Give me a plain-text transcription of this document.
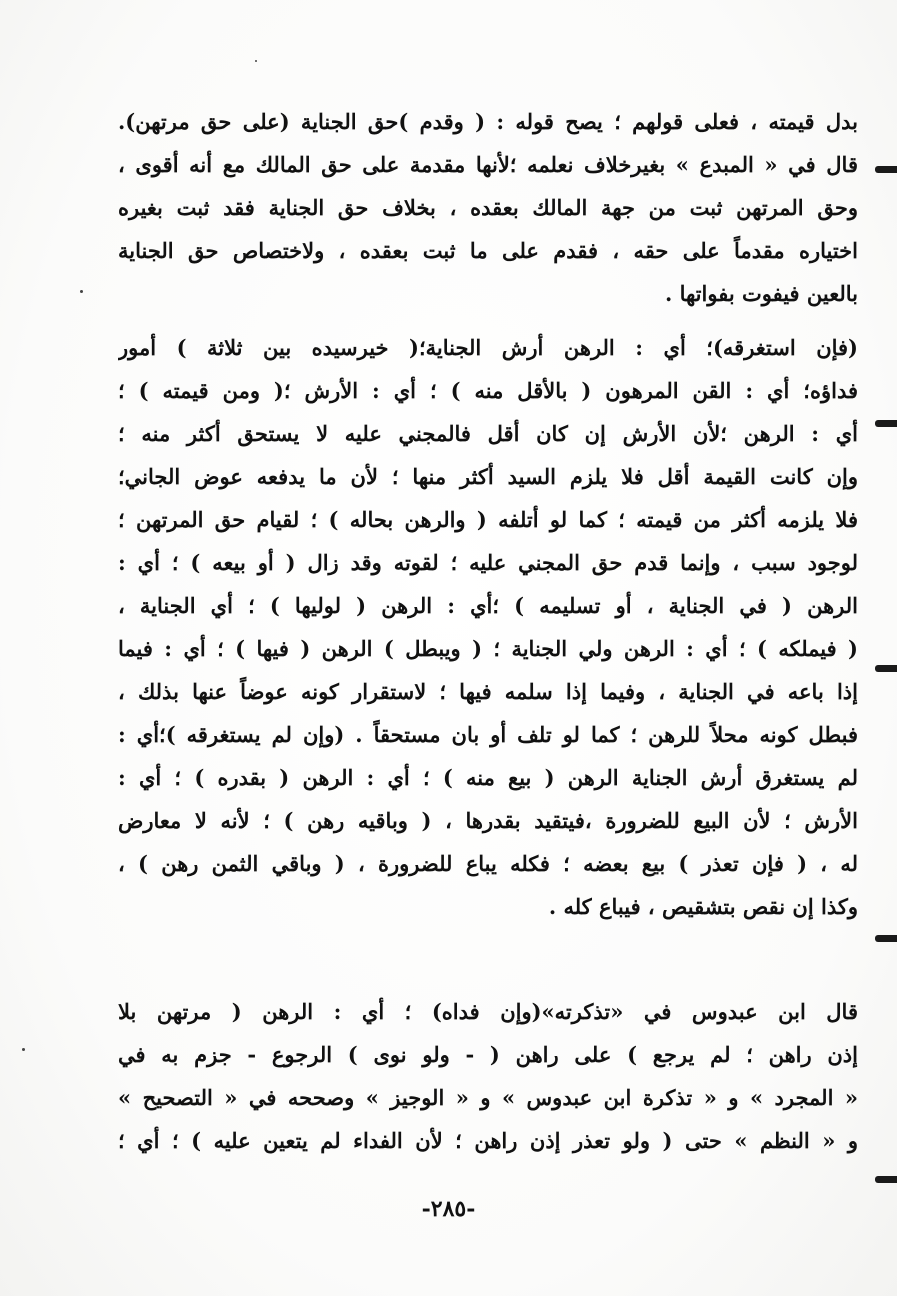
بدل قيمته ، فعلى قولهم ؛ يصح قوله : ( وقدم )حق الجناية (على حق مرتهن).
قال في « المبدع » بغيرخلاف نعلمه ؛لأنها مقدمة على حق المالك مع أنه أقوى ،
وحق المرتهن ثبت من جهة المالك بعقده ، بخلاف حق الجناية فقد ثبت بغيره
اختياره مقدماً على حقه ، فقدم على ما ثبت بعقده ، ولاختصاص حق الجناية
بالعين فيفوت بفواتها .
(فإن استغرقه)؛ أي : الرهن أرش الجناية؛( خيرسيده بين ثلاثة ) أمور
فداؤه؛ أي : القن المرهون ( بالأقل منه ) ؛ أي : الأرش ؛( ومن قيمته ) ؛
أي : الرهن ؛لأن الأرش إن كان أقل فالمجني عليه لا يستحق أكثر منه ؛
وإن كانت القيمة أقل فلا يلزم السيد أكثر منها ؛ لأن ما يدفعه عوض الجاني؛
فلا يلزمه أكثر من قيمته ؛ كما لو أتلفه ( والرهن بحاله ) ؛ لقيام حق المرتهن ؛
لوجود سبب ، وإنما قدم حق المجني عليه ؛ لقوته وقد زال ( أو بيعه ) ؛ أي :
الرهن ( في الجناية ، أو تسليمه ) ؛أي : الرهن ( لوليها ) ؛ أي الجناية ،
( فيملكه ) ؛ أي : الرهن ولي الجناية ؛ ( ويبطل ) الرهن ( فيها ) ؛ أي : فيما
إذا باعه في الجناية ، وفيما إذا سلمه فيها ؛ لاستقرار كونه عوضاً عنها بذلك ،
فبطل كونه محلاً للرهن ؛ كما لو تلف أو بان مستحقاً . (وإن لم يستغرقه )؛أي :
لم يستغرق أرش الجناية الرهن ( بيع منه ) ؛ أي : الرهن ( بقدره ) ؛ أي :
الأرش ؛ لأن البيع للضرورة ،فيتقيد بقدرها ، ( وباقيه رهن ) ؛ لأنه لا معارض
له ، ( فإن تعذر ) بيع بعضه ؛ فكله يباع للضرورة ، ( وباقي الثمن رهن ) ،
وكذا إن نقص بتشقيص ، فيباع كله .
قال ابن عبدوس في «تذكرته»(وإن فداه) ؛ أي : الرهن ( مرتهن بلا
إذن راهن ؛ لم يرجع ) على راهن ( - ولو نوى ) الرجوع - جزم به في
« المجرد » و « تذكرة ابن عبدوس » و « الوجيز » وصححه في « التصحيح »
و « النظم » حتى ( ولو تعذر إذن راهن ؛ لأن الفداء لم يتعين عليه ) ؛ أي ؛
-٢٨٥-
